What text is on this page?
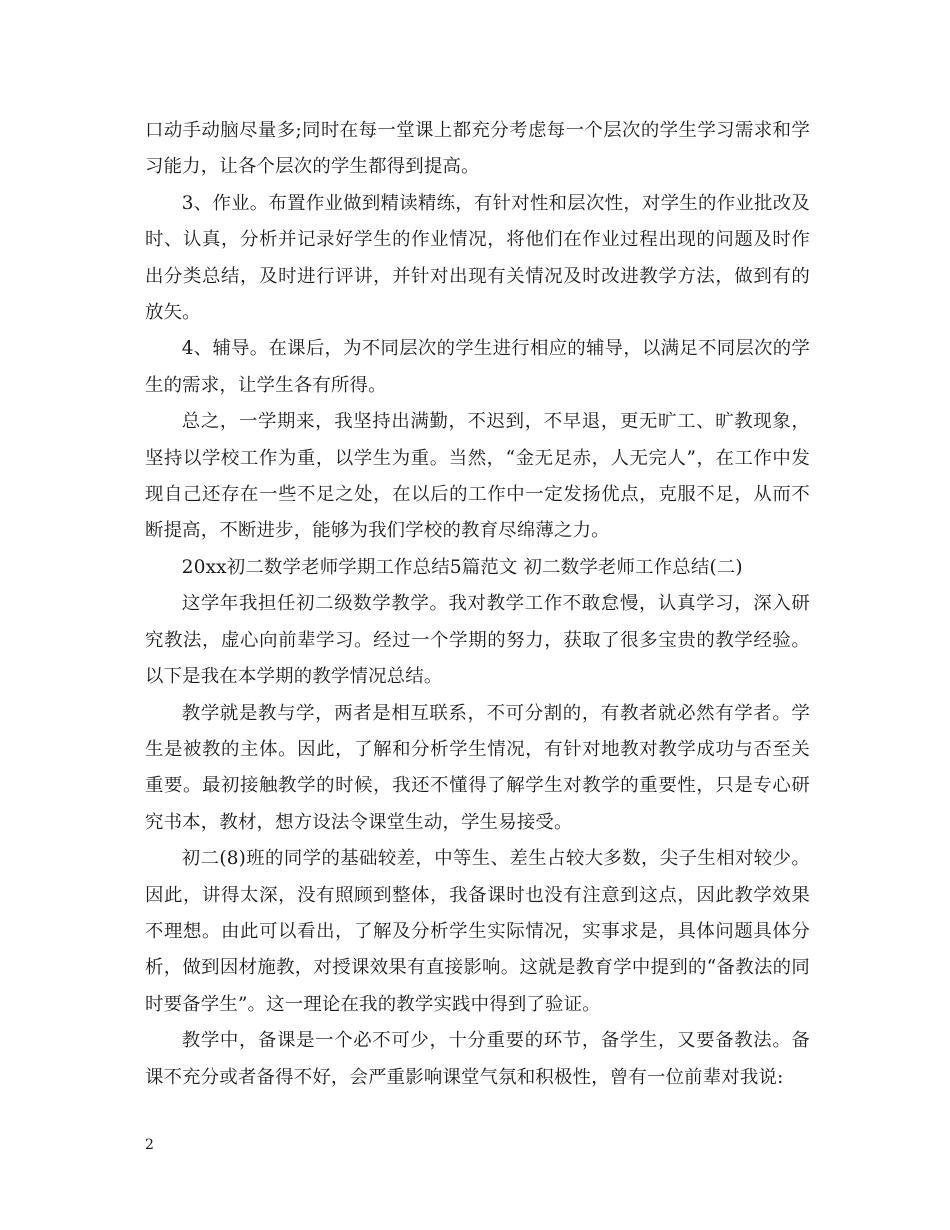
口动手动脑尽量多;同时在每一堂课上都充分考虑每一个层次的学生学习需求和学习能力，让各个层次的学生都得到提高。

3、作业。布置作业做到精读精练，有针对性和层次性，对学生的作业批改及时、认真，分析并记录好学生的作业情况，将他们在作业过程出现的问题及时作出分类总结，及时进行评讲，并针对出现有关情况及时改进教学方法，做到有的放矢。

4、辅导。在课后，为不同层次的学生进行相应的辅导，以满足不同层次的学生的需求，让学生各有所得。

总之，一学期来，我坚持出满勤，不迟到，不早退，更无旷工、旷教现象，坚持以学校工作为重，以学生为重。当然，“金无足赤，人无完人”，在工作中发现自己还存在一些不足之处，在以后的工作中一定发扬优点，克服不足，从而不断提高，不断进步，能够为我们学校的教育尽绵薄之力。

20xx初二数学老师学期工作总结5篇范文 初二数学老师工作总结(二)

这学年我担任初二级数学教学。我对教学工作不敢怠慢，认真学习，深入研究教法，虚心向前辈学习。经过一个学期的努力，获取了很多宝贵的教学经验。以下是我在本学期的教学情况总结。

教学就是教与学，两者是相互联系，不可分割的，有教者就必然有学者。学生是被教的主体。因此，了解和分析学生情况，有针对地教对教学成功与否至关重要。最初接触教学的时候，我还不懂得了解学生对教学的重要性，只是专心研究书本，教材，想方设法令课堂生动，学生易接受。

初二(8)班的同学的基础较差，中等生、差生占较大多数，尖子生相对较少。因此，讲得太深，没有照顾到整体，我备课时也没有注意到这点，因此教学效果不理想。由此可以看出，了解及分析学生实际情况，实事求是，具体问题具体分析，做到因材施教，对授课效果有直接影响。这就是教育学中提到的“备教法的同时要备学生”。这一理论在我的教学实践中得到了验证。

教学中，备课是一个必不可少，十分重要的环节，备学生，又要备教法。备课不充分或者备得不好，会严重影响课堂气氛和积极性，曾有一位前辈对我说:

2
